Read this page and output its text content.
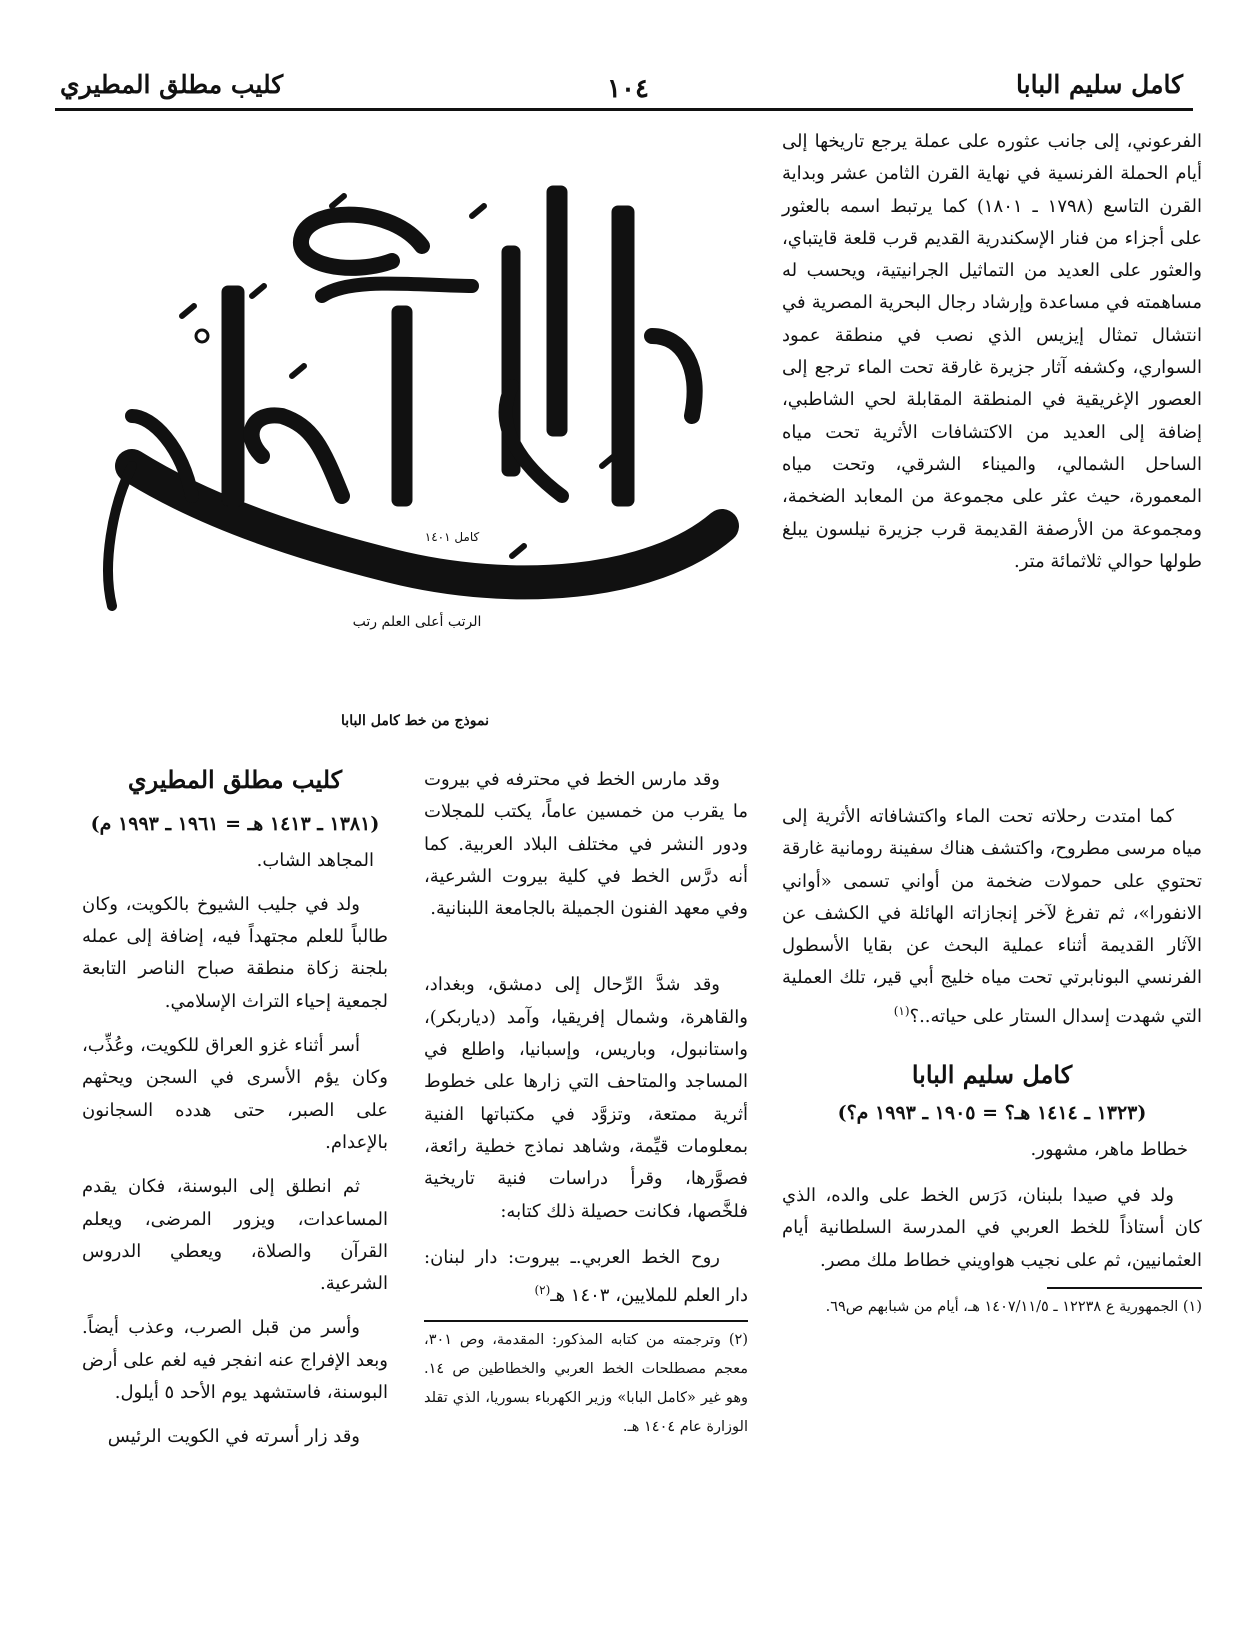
كامل سليم البابا
١٠٤
كليب مطلق المطيري

الفرعوني، إلى جانب عثوره على عملة يرجع تاريخها إلى أيام الحملة الفرنسية في نهاية القرن الثامن عشر وبداية القرن التاسع (١٧٩٨ ـ ١٨٠١) كما يرتبط اسمه بالعثور على أجزاء من فنار الإسكندرية القديم قرب قلعة قايتباي، والعثور على العديد من التماثيل الجرانيتية، ويحسب له مساهمته في مساعدة وإرشاد رجال البحرية المصرية في انتشال تمثال إيزيس الذي نصب في منطقة عمود السواري، وكشفه آثار جزيرة غارقة تحت الماء ترجع إلى العصور الإغريقية في المنطقة المقابلة لحي الشاطبي، إضافة إلى العديد من الاكتشافات الأثرية تحت مياه الساحل الشمالي، والميناء الشرقي، وتحت مياه المعمورة، حيث عثر على مجموعة من المعابد الضخمة، ومجموعة من الأرصفة القديمة قرب جزيرة نيلسون يبلغ طولها حوالي ثلاثمائة متر.

كما امتدت رحلاته تحت الماء واكتشافاته الأثرية إلى مياه مرسى مطروح، واكتشف هناك سفينة رومانية غارقة تحتوي على حمولات ضخمة من أواني تسمى «أواني الانفورا»، ثم تفرغ لآخر إنجازاته الهائلة في الكشف عن الآثار القديمة أثناء عملية البحث عن بقايا الأسطول الفرنسي البونابرتي تحت مياه خليج أبي قير، تلك العملية التي شهدت إسدال الستار على حياته..؟$^{(١)}$

كامل سليم البابا
(١٣٢٣ ـ ١٤١٤ هـ؟ = ١٩٠٥ ـ ١٩٩٣ م؟)

خطاط ماهر، مشهور.

ولد في صيدا بلبنان، دَرَس الخط على والده، الذي كان أستاذاً للخط العربي في المدرسة السلطانية أيام العثمانيين، ثم على نجيب هواويني خطاط ملك مصر.

(١) الجمهورية ع ١٢٢٣٨ ـ ١٤٠٧/١١/٥ هـ، أيام من شبابهم ص٦٩.

الرتب أعلى العلم رتب
كامل ١٤٠١
نموذج من خط كامل البابا

وقد مارس الخط في محترفه في بيروت ما يقرب من خمسين عاماً، يكتب للمجلات ودور النشر في مختلف البلاد العربية. كما أنه درَّس الخط في كلية بيروت الشرعية، وفي معهد الفنون الجميلة بالجامعة اللبنانية.

وقد شدَّ الرِّحال إلى دمشق، وبغداد، والقاهرة، وشمال إفريقيا، وآمد (دياربكر)، واستانبول، وباريس، وإسبانيا، واطلع في المساجد والمتاحف التي زارها على خطوط أثرية ممتعة، وتزوَّد في مكتباتها الفنية بمعلومات قيِّمة، وشاهد نماذج خطية رائعة، فصوَّرها، وقرأ دراسات فنية تاريخية فلخَّصها، فكانت حصيلة ذلك كتابه:

روح الخط العربي.ـ بيروت: دار لبنان: دار العلم للملايين، ١٤٠٣ هـ$^{(٢)}$

(٢) وترجمته من كتابه المذكور: المقدمة، وص ٣٠١، معجم مصطلحات الخط العربي والخطاطين ص ١٤. وهو غير «كامل البابا» وزير الكهرباء بسوريا، الذي تقلد الوزارة عام ١٤٠٤ هـ.

كليب مطلق المطيري
(١٣٨١ ـ ١٤١٣ هـ = ١٩٦١ ـ ١٩٩٣ م)

المجاهد الشاب.

ولد في جليب الشيوخ بالكويت، وكان طالباً للعلم مجتهداً فيه، إضافة إلى عمله بلجنة زكاة منطقة صباح الناصر التابعة لجمعية إحياء التراث الإسلامي.

أسر أثناء غزو العراق للكويت، وعُذِّب، وكان يؤم الأسرى في السجن ويحثهم على الصبر، حتى هدده السجانون بالإعدام.

ثم انطلق إلى البوسنة، فكان يقدم المساعدات، ويزور المرضى، ويعلم القرآن والصلاة، ويعطي الدروس الشرعية.

وأسر من قبل الصرب، وعذب أيضاً. وبعد الإفراج عنه انفجر فيه لغم على أرض البوسنة، فاستشهد يوم الأحد ٥ أيلول.

وقد زار أسرته في الكويت الرئيس
